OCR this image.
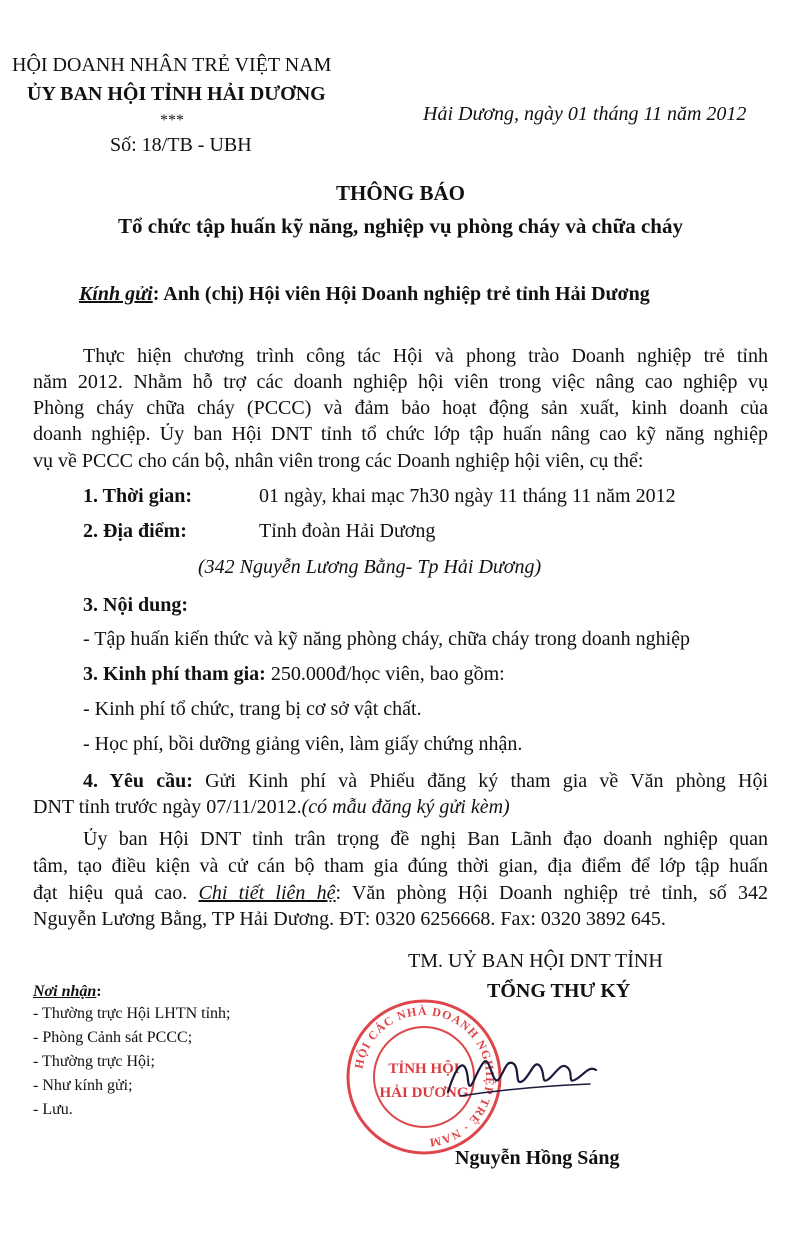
HỘI DOANH NHÂN TRẺ VIỆT NAM
ỦY BAN HỘI TỈNH HẢI DƯƠNG
***
Số: 18/TB - UBH
Hải Dương, ngày 01 tháng 11 năm 2012
THÔNG BÁO
Tổ chức tập huấn kỹ năng, nghiệp vụ phòng cháy và chữa cháy
Kính gửi: Anh (chị) Hội viên Hội Doanh nghiệp trẻ tỉnh Hải Dương
Thực hiện chương trình công tác Hội và phong trào Doanh nghiệp trẻ tỉnh
năm 2012. Nhằm hỗ trợ các doanh nghiệp hội viên trong việc nâng cao nghiệp vụ
Phòng cháy chữa cháy (PCCC) và đảm bảo hoạt động sản xuất, kinh doanh của
doanh nghiệp. Ủy ban Hội DNT tỉnh tổ chức lớp tập huấn nâng cao kỹ năng nghiệp
vụ về PCCC cho cán bộ, nhân viên trong các Doanh nghiệp hội viên, cụ thể:
1. Thời gian:	01 ngày, khai mạc 7h30 ngày 11 tháng 11 năm 2012
2. Địa điểm:	Tỉnh đoàn Hải Dương
(342 Nguyễn Lương Bằng- Tp Hải Dương)
3. Nội dung:
- Tập huấn kiến thức và kỹ năng phòng cháy, chữa cháy trong doanh nghiệp
3. Kinh phí tham gia: 250.000đ/học viên, bao gồm:
- Kinh phí tổ chức, trang bị cơ sở vật chất.
- Học phí, bồi dưỡng giảng viên, làm giấy chứng nhận.
4. Yêu cầu: Gửi Kinh phí và Phiếu đăng ký tham gia về Văn phòng Hội
DNT tỉnh trước ngày 07/11/2012.(có mẫu đăng ký gửi kèm)
Ủy ban Hội DNT tỉnh trân trọng đề nghị Ban Lãnh đạo doanh nghiệp quan
tâm, tạo điều kiện và cử cán bộ tham gia đúng thời gian, địa điểm để lớp tập huấn
đạt hiệu quả cao. Chi tiết liên hệ: Văn phòng Hội Doanh nghiệp trẻ tỉnh, số 342
Nguyễn Lương Bằng, TP Hải Dương. ĐT: 0320 6256668. Fax: 0320 3892 645.
Nơi nhận:
- Thường trực Hội LHTN tỉnh;
- Phòng Cảnh sát PCCC;
- Thường trực Hội;
- Như kính gửi;
- Lưu.
TM. UỶ BAN HỘI DNT TỈNH
TỔNG THƯ KÝ
HỘI CÁC NHÀ DOANH NGHIỆP TRẺ · NAM
TỈNH HỘI
HẢI DƯƠNG
Nguyễn Hồng Sáng
